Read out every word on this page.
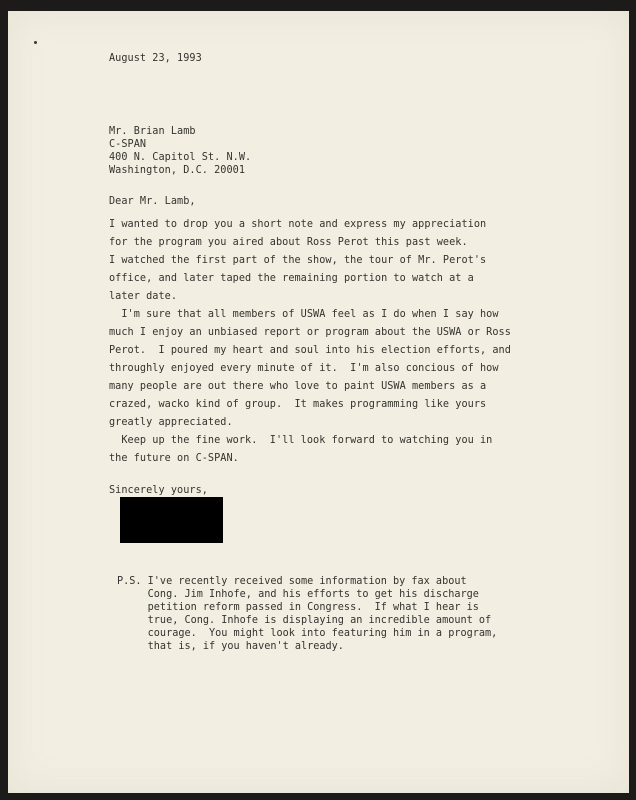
August 23, 1993
Mr. Brian Lamb
C-SPAN
400 N. Capitol St. N.W.
Washington, D.C. 20001
Dear Mr. Lamb,
I wanted to drop you a short note and express my appreciation
for the program you aired about Ross Perot this past week.
I watched the first part of the show, the tour of Mr. Perot's
office, and later taped the remaining portion to watch at a
later date.
I'm sure that all members of USWA feel as I do when I say how
much I enjoy an unbiased report or program about the USWA or Ross
Perot.  I poured my heart and soul into his election efforts, and
throughly enjoyed every minute of it.  I'm also concious of how
many people are out there who love to paint USWA members as a
crazed, wacko kind of group.  It makes programming like yours
greatly appreciated.
Keep up the fine work.  I'll look forward to watching you in
the future on C-SPAN.
Sincerely yours,
P.S. I've recently received some information by fax about
Cong. Jim Inhofe, and his efforts to get his discharge
petition reform passed in Congress.  If what I hear is
true, Cong. Inhofe is displaying an incredible amount of
courage.  You might look into featuring him in a program,
that is, if you haven't already.
